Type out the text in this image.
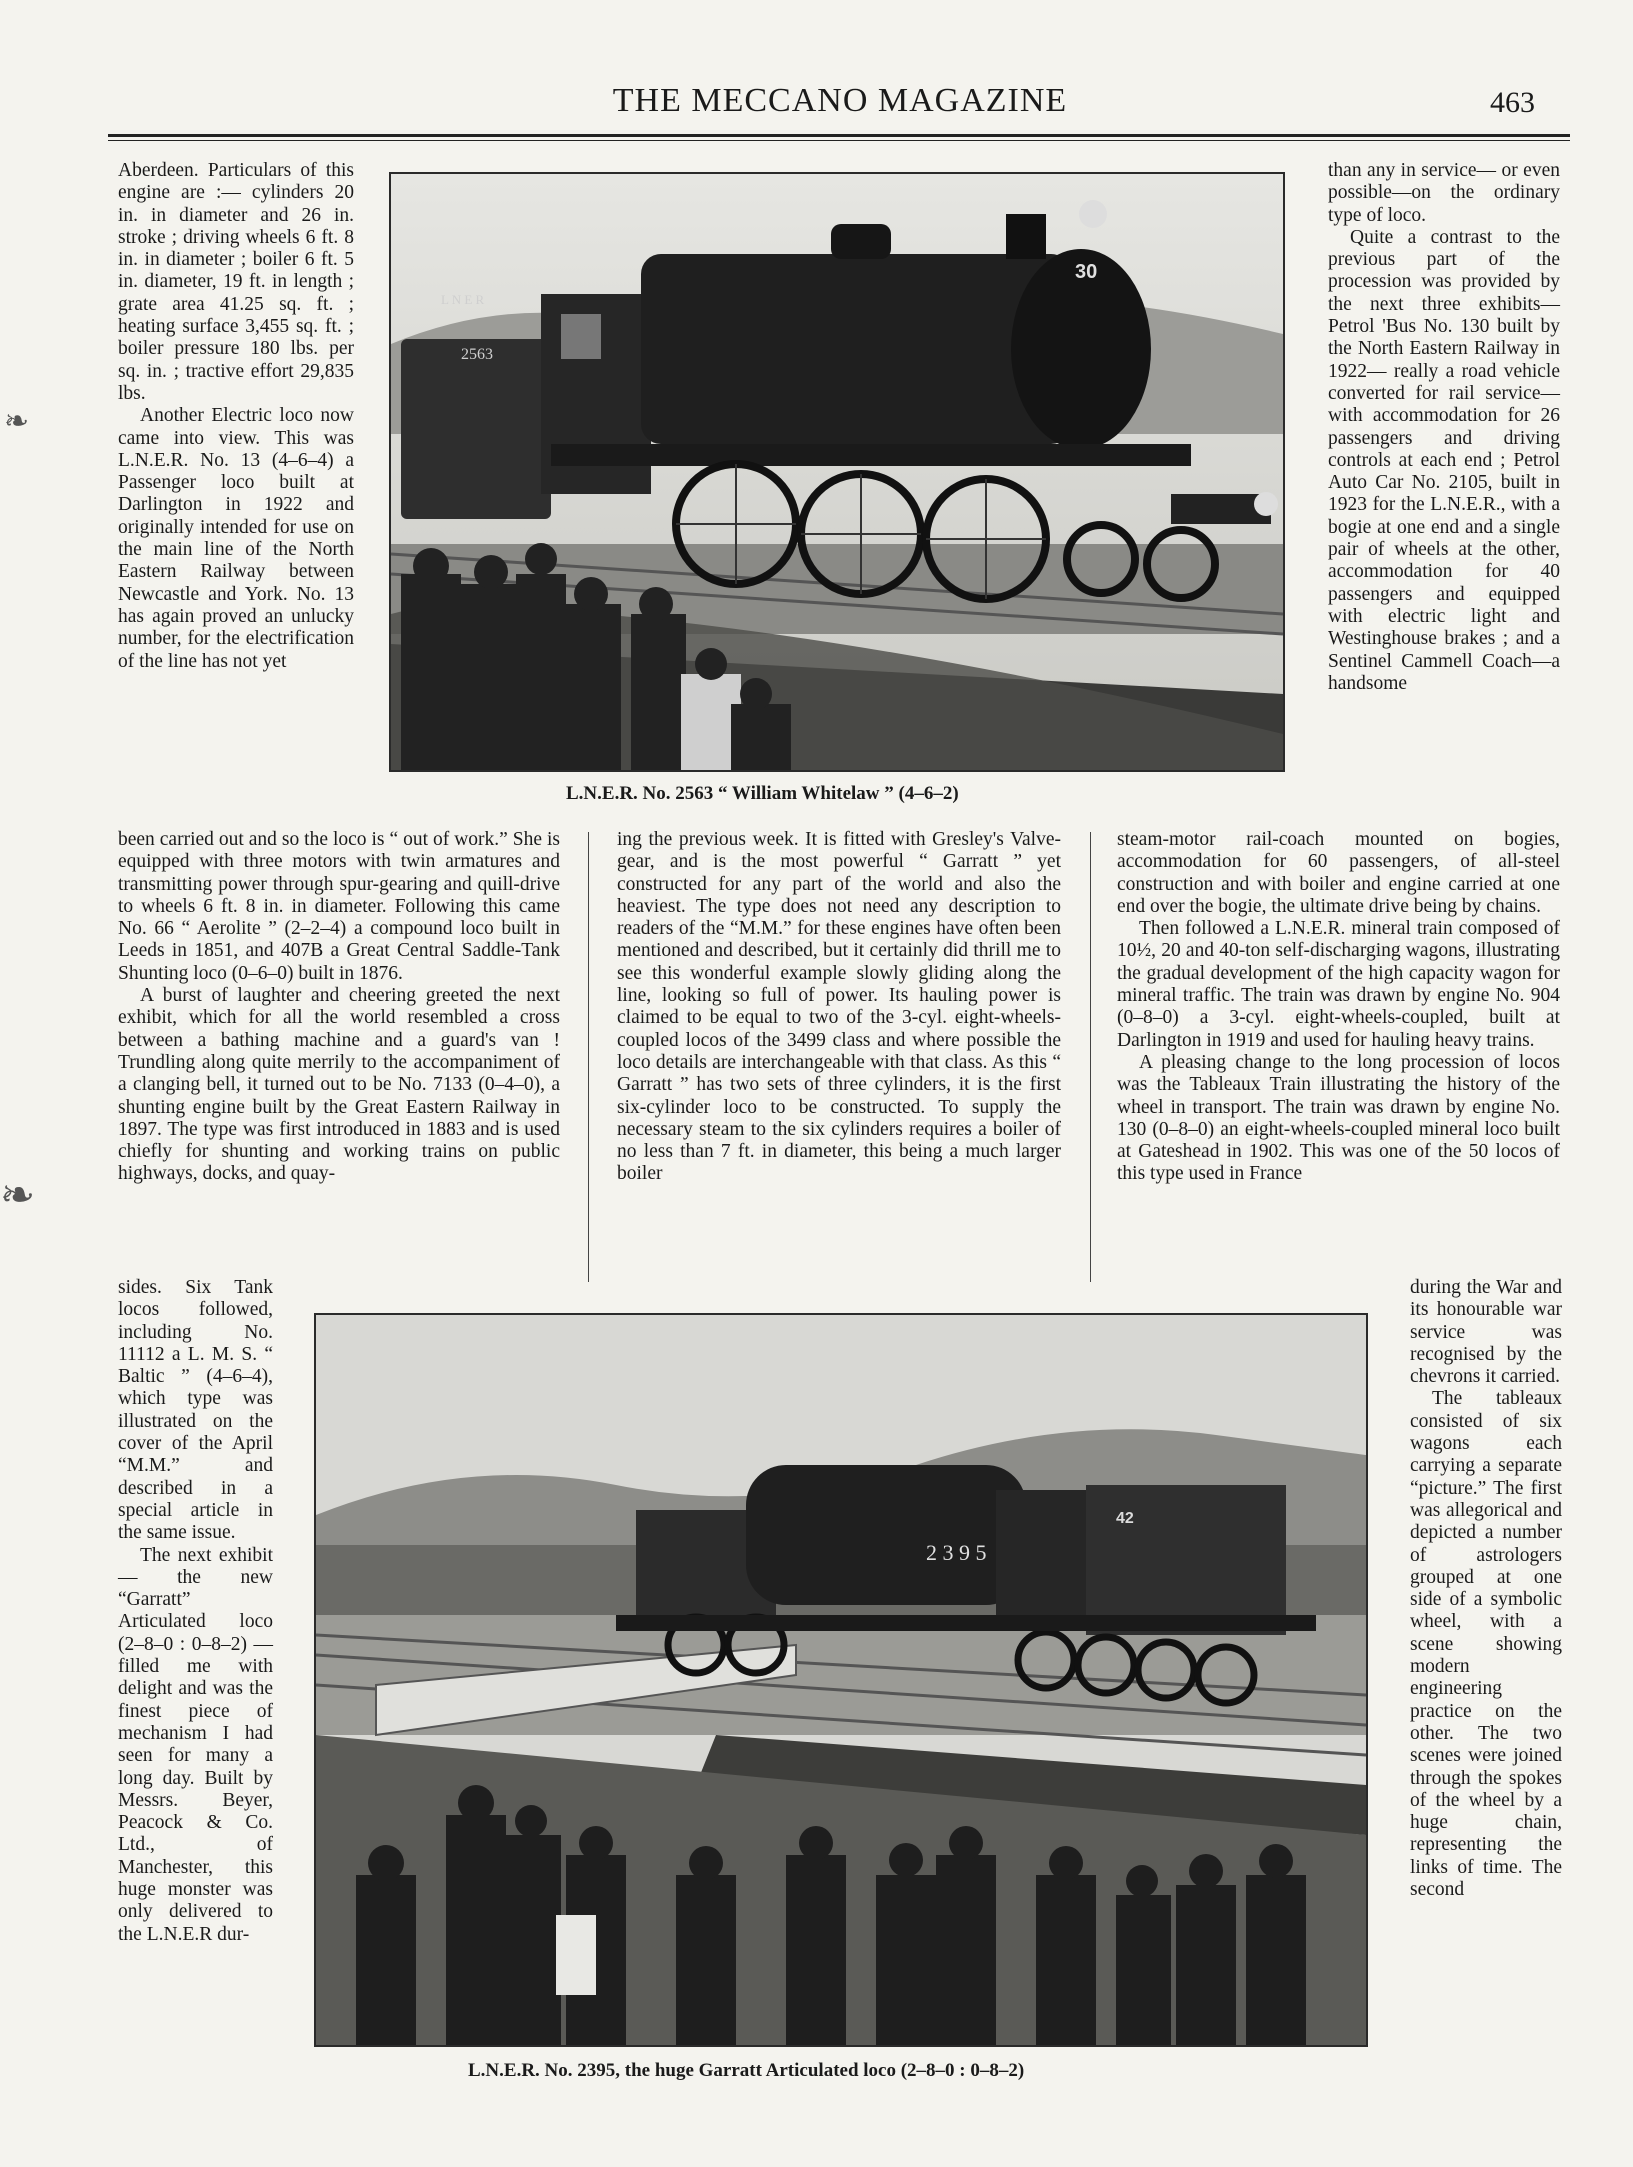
THE MECCANO MAGAZINE	463
❧
❧

Aberdeen. Particulars of this engine are :— cylinders 20 in. in diameter and 26 in. stroke ; driving wheels 6 ft. 8 in. in diameter ; boiler 6 ft. 5 in. diameter, 19 ft. in length ; grate area 41.25 sq. ft. ; heating surface 3,455 sq. ft. ; boiler pressure 180 lbs. per sq. in. ; tractive effort 29,835 lbs.

Another Electric loco now came into view. This was L.N.E.R. No. 13 (4–6–4) a Passenger loco built at Darlington in 1922 and originally intended for use on the main line of the North Eastern Railway between Newcastle and York. No. 13 has again proved an unlucky number, for the electrification of the line has not yet

L N E R
2563
30

than any in service— or even possible—on the ordinary type of loco.

Quite a contrast to the previous part of the procession was provided by the next three exhibits—Petrol 'Bus No. 130 built by the North Eastern Railway in 1922— really a road vehicle converted for rail service—with accommodation for 26 passengers and driving controls at each end ; Petrol Auto Car No. 2105, built in 1923 for the L.N.E.R., with a bogie at one end and a single pair of wheels at the other, accommodation for 40 passengers and equipped with electric light and Westinghouse brakes ; and a Sentinel Cammell Coach—a handsome

L.N.E.R. No. 2563 “ William Whitelaw ” (4–6–2)

been carried out and so the loco is “ out of work.” She is equipped with three motors with twin armatures and transmitting power through spur-gearing and quill-drive to wheels 6 ft. 8 in. in diameter. Following this came No. 66 “ Aerolite ” (2–2–4) a compound loco built in Leeds in 1851, and 407B a Great Central Saddle-Tank Shunting loco (0–6–0) built in 1876.

A burst of laughter and cheering greeted the next exhibit, which for all the world resembled a cross between a bathing machine and a guard's van ! Trundling along quite merrily to the accompaniment of a clanging bell, it turned out to be No. 7133 (0–4–0), a shunting engine built by the Great Eastern Railway in 1897. The type was first introduced in 1883 and is used chiefly for shunting and working trains on public highways, docks, and quay-

ing the previous week. It is fitted with Gresley's Valve-gear, and is the most powerful “ Garratt ” yet constructed for any part of the world and also the heaviest. The type does not need any description to readers of the “M.M.” for these engines have often been mentioned and described, but it certainly did thrill me to see this wonderful example slowly gliding along the line, looking so full of power. Its hauling power is claimed to be equal to two of the 3-cyl. eight-wheels-coupled locos of the 3499 class and where possible the loco details are interchangeable with that class. As this “ Garratt ” has two sets of three cylinders, it is the first six-cylinder loco to be constructed. To supply the necessary steam to the six cylinders requires a boiler of no less than 7 ft. in diameter, this being a much larger boiler

steam-motor rail-coach mounted on bogies, accommodation for 60 passengers, of all-steel construction and with boiler and engine carried at one end over the bogie, the ultimate drive being by chains.

Then followed a L.N.E.R. mineral train composed of 10½, 20 and 40-ton self-discharging wagons, illustrating the gradual development of the high capacity wagon for mineral traffic. The train was drawn by engine No. 904 (0–8–0) a 3-cyl. eight-wheels-coupled, built at Darlington in 1919 and used for hauling heavy trains.

A pleasing change to the long procession of locos was the Tableaux Train illustrating the history of the wheel in transport. The train was drawn by engine No. 130 (0–8–0) an eight-wheels-coupled mineral loco built at Gateshead in 1902. This was one of the 50 locos of this type used in France

sides. Six Tank locos followed, including No. 11112 a L. M. S. “ Baltic ” (4–6–4), which type was illustrated on the cover of the April “M.M.” and described in a special article in the same issue.

The next exhibit — the new “Garratt” Articulated loco (2–8–0 : 0–8–2) — filled me with delight and was the finest piece of mechanism I had seen for many a long day. Built by Messrs. Beyer, Peacock & Co. Ltd., of Manchester, this huge monster was only delivered to the L.N.E.R dur-

42
2 3 9 5

during the War and its honourable war service was recognised by the chevrons it carried.

The tableaux consisted of six wagons each carrying a separate “picture.” The first was allegorical and depicted a number of astrologers grouped at one side of a symbolic wheel, with a scene showing modern engineering practice on the other. The two scenes were joined through the spokes of the wheel by a huge chain, representing the links of time. The second

L.N.E.R. No. 2395, the huge Garratt Articulated loco (2–8–0 : 0–8–2)
